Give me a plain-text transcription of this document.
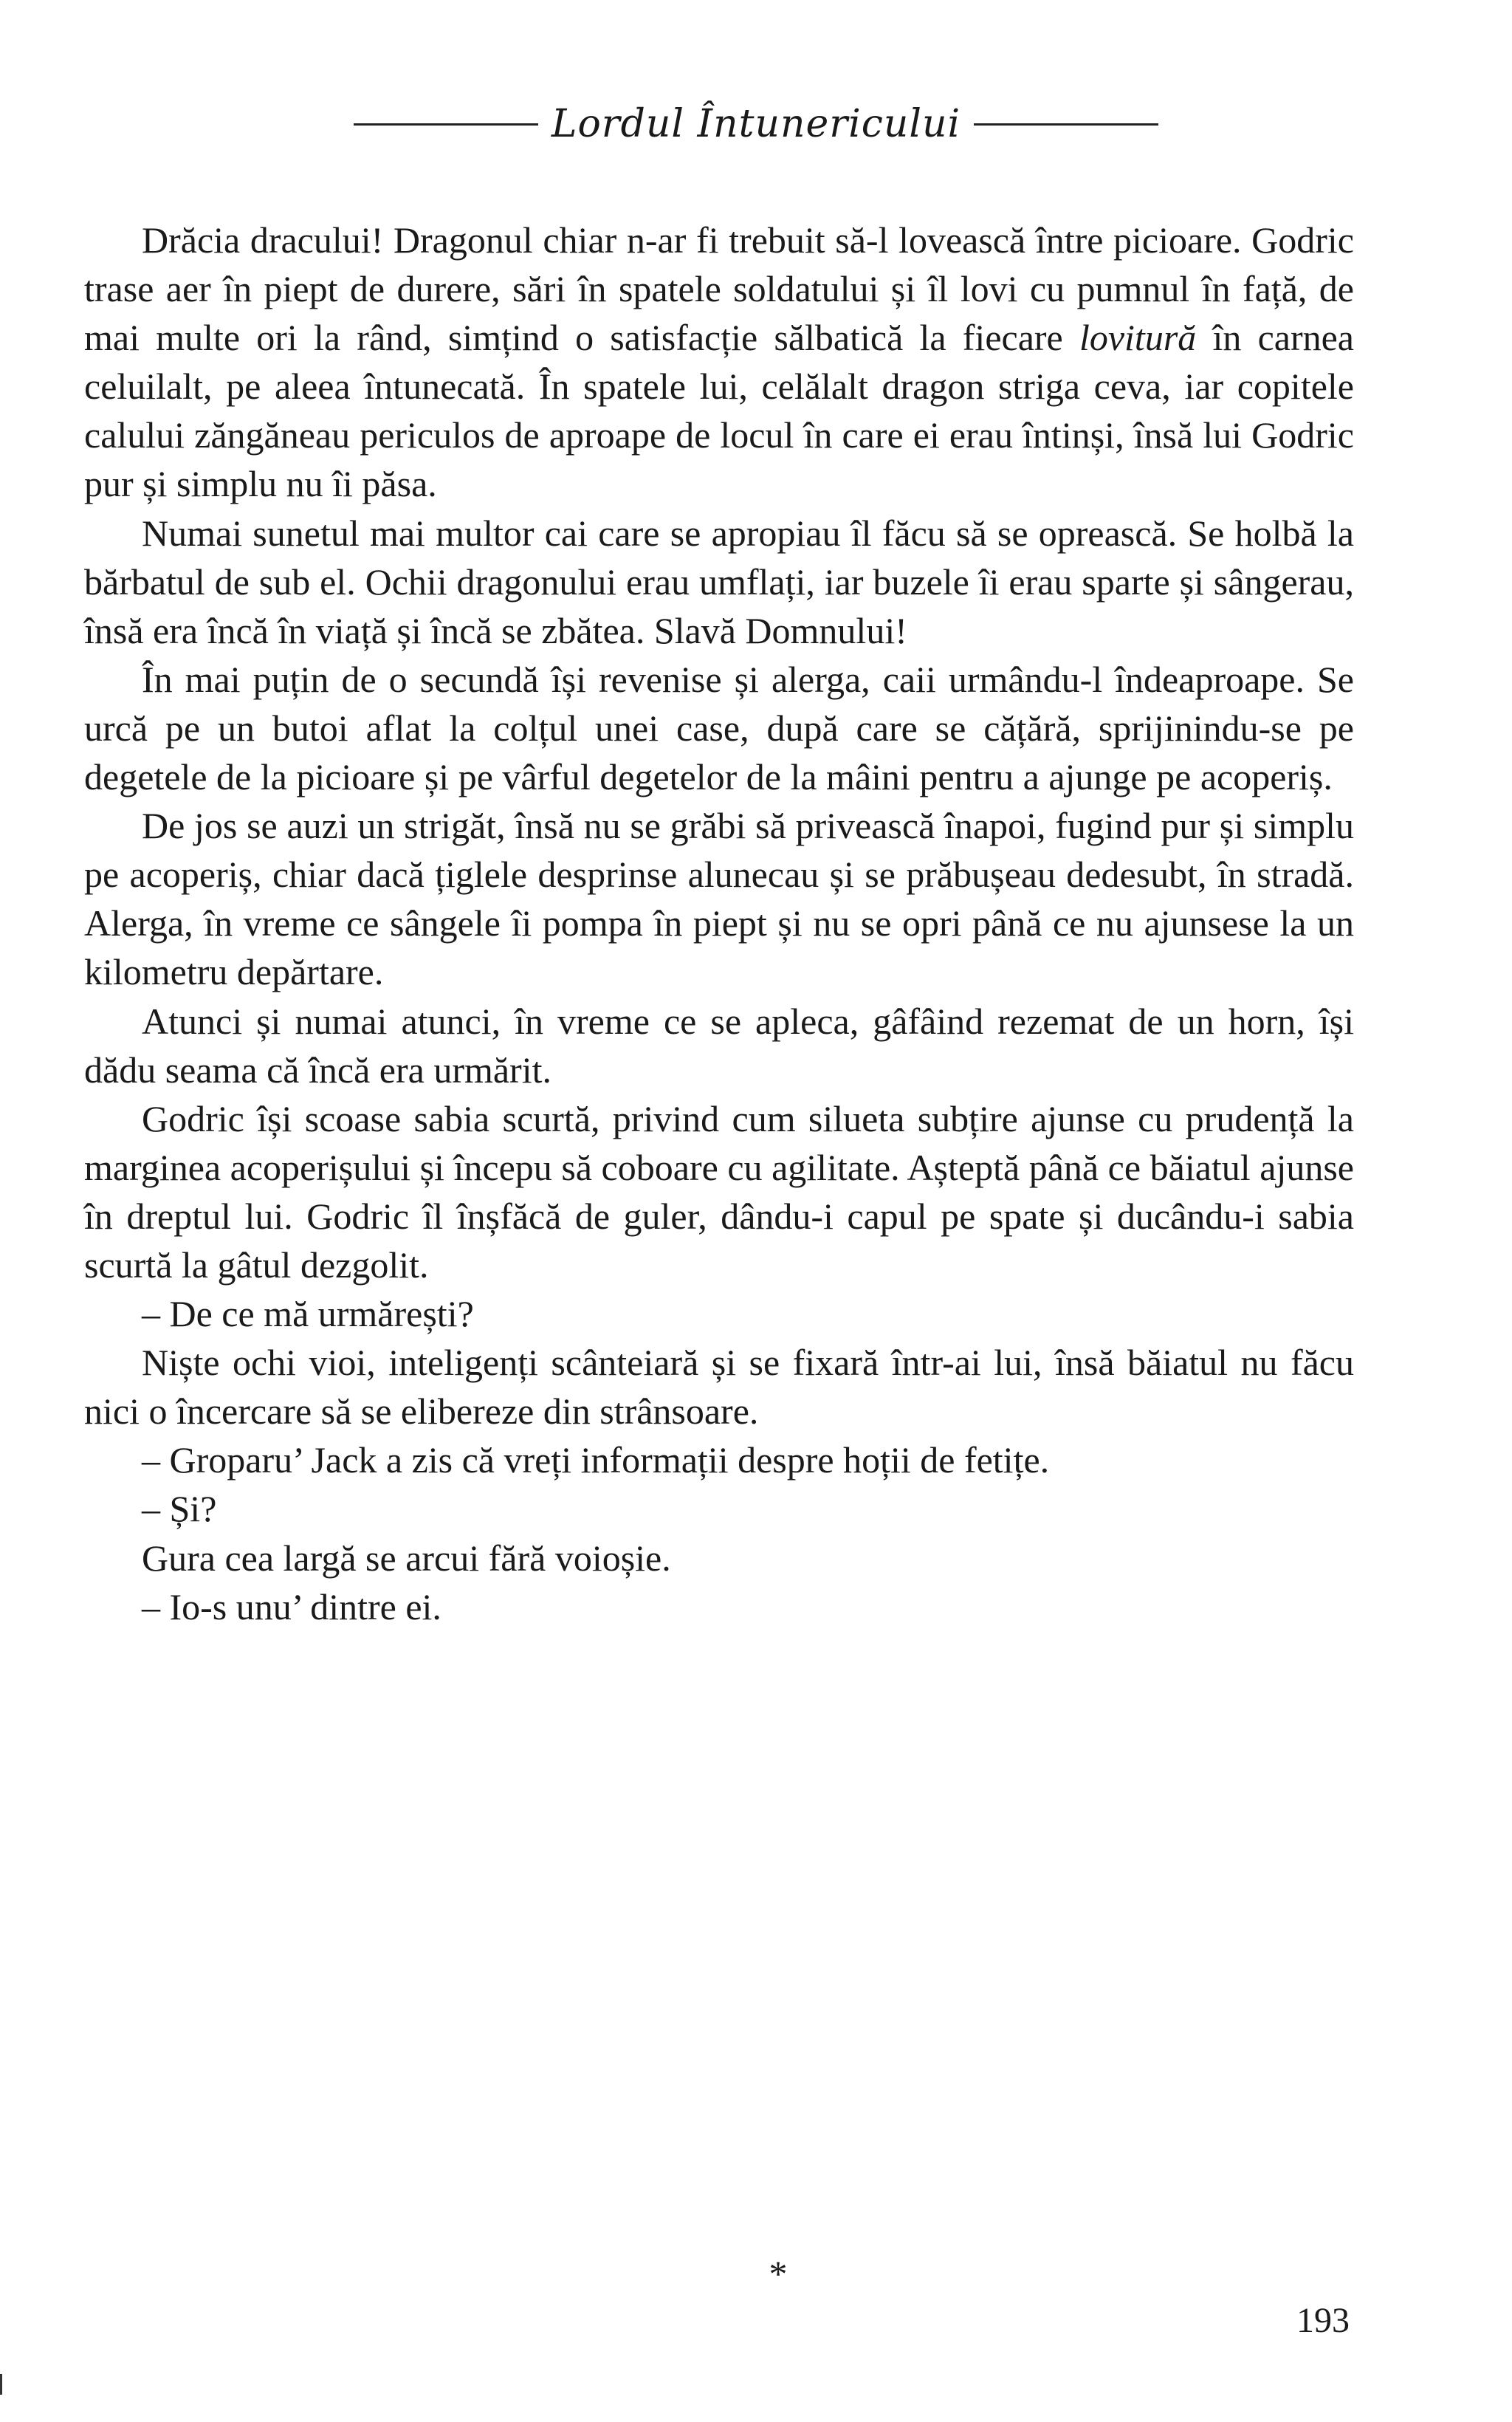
Lordul Întunericului

Drăcia dracului! Dragonul chiar n-ar fi trebuit să-l lovească între picioare. Godric trase aer în piept de durere, sări în spatele soldatului și îl lovi cu pumnul în față, de mai multe ori la rând, simțind o satisfacție sălbatică la fiecare lovitură în carnea celuilalt, pe aleea întunecată. În spatele lui, celălalt dragon striga ceva, iar copitele calului zăngăneau periculos de aproape de locul în care ei erau întinși, însă lui Godric pur și simplu nu îi păsa.

Numai sunetul mai multor cai care se apropiau îl făcu să se oprească. Se holbă la bărbatul de sub el. Ochii dragonului erau umflați, iar buzele îi erau sparte și sângerau, însă era încă în viață și încă se zbătea. Slavă Domnului!

În mai puțin de o secundă își revenise și alerga, caii urmându-l îndeaproape. Se urcă pe un butoi aflat la colțul unei case, după care se cățără, sprijinindu-se pe degetele de la picioare și pe vârful degetelor de la mâini pentru a ajunge pe acoperiș.

De jos se auzi un strigăt, însă nu se grăbi să privească înapoi, fugind pur și simplu pe acoperiș, chiar dacă țiglele desprinse alunecau și se prăbușeau dedesubt, în stradă. Alerga, în vreme ce sângele îi pompa în piept și nu se opri până ce nu ajunsese la un kilometru depărtare.

Atunci și numai atunci, în vreme ce se apleca, gâfâind rezemat de un horn, își dădu seama că încă era urmărit.

Godric își scoase sabia scurtă, privind cum silueta subțire ajunse cu prudență la marginea acoperișului și începu să coboare cu agilitate. Așteptă până ce băiatul ajunse în dreptul lui. Godric îl înșfăcă de guler, dându-i capul pe spate și ducându-i sabia scurtă la gâtul dezgolit.

– De ce mă urmărești?

Niște ochi vioi, inteligenți scânteiară și se fixară într-ai lui, însă băiatul nu făcu nici o încercare să se elibereze din strânsoare.

– Groparu’ Jack a zis că vreți informații despre hoții de fetițe.

– Și?

Gura cea largă se arcui fără voioșie.

– Io-s unu’ dintre ei.

*
193
